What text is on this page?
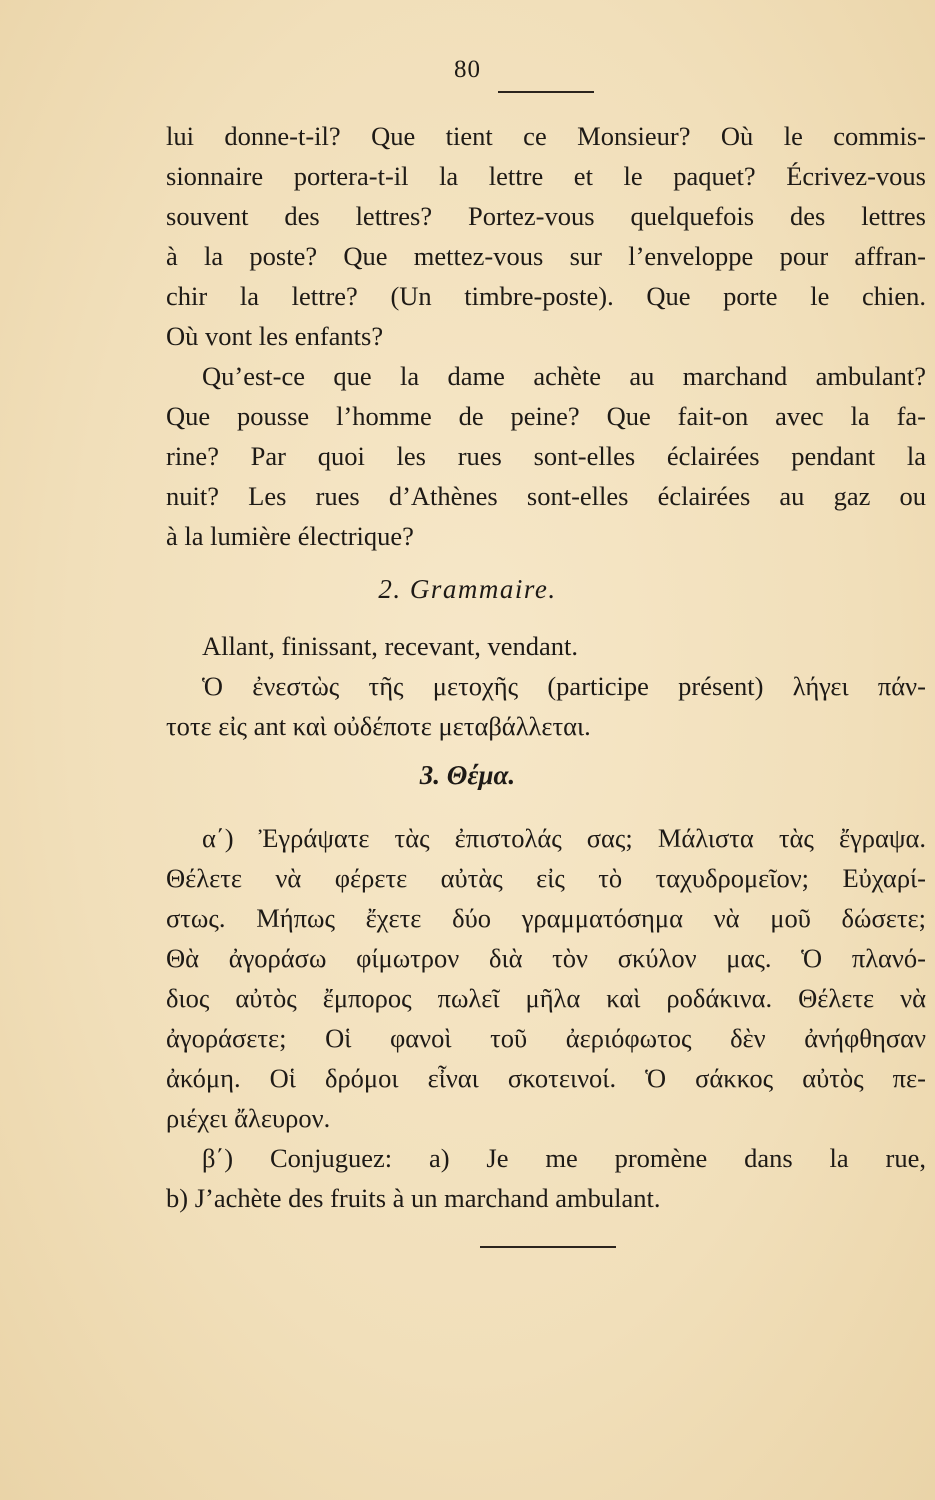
80
lui donne-t-il? Que tient ce Monsieur? Où le commis-
sionnaire portera-t-il la lettre et le paquet? Écrivez-vous
souvent des lettres? Portez-vous quelquefois des lettres
à la poste? Que mettez-vous sur l’enveloppe pour affran-
chir la lettre? (Un timbre-poste). Que porte le chien.
Où vont les enfants?
Qu’est-ce que la dame achète au marchand ambulant?
Que pousse l’homme de peine? Que fait-on avec la fa-
rine? Par quoi les rues sont-elles éclairées pendant la
nuit? Les rues d’Athènes sont-elles éclairées au gaz ou
à la lumière électrique?
2. Grammaire.
Allant, finissant, recevant, vendant.
Ὁ ἐνεστὼς τῆς μετοχῆς (participe présent) λήγει πάν-
τοτε εἰς ant καὶ οὐδέποτε μεταβάλλεται.
3. Θέμα.
α΄) Ἐγράψατε τὰς ἐπιστολάς σας; Μάλιστα τὰς ἔγραψα.
Θέλετε νὰ φέρετε αὐτὰς εἰς τὸ ταχυδρομεῖον; Εὐχαρί-
στως. Μήπως ἔχετε δύο γραμματόσημα νὰ μοῦ δώσετε;
Θὰ ἀγοράσω φίμωτρον διὰ τὸν σκύλον μας. Ὁ πλανό-
διος αὐτὸς ἔμπορος πωλεῖ μῆλα καὶ ροδάκινα. Θέλετε νὰ
ἀγοράσετε; Οἱ φανοὶ τοῦ ἀεριόφωτος δὲν ἀνήφθησαν
ἀκόμη. Οἱ δρόμοι εἶναι σκοτεινοί. Ὁ σάκκος αὐτὸς πε-
ριέχει ἄλευρον.
β΄) Conjuguez: a) Je me promène dans la rue,
b) J’achète des fruits à un marchand ambulant.
